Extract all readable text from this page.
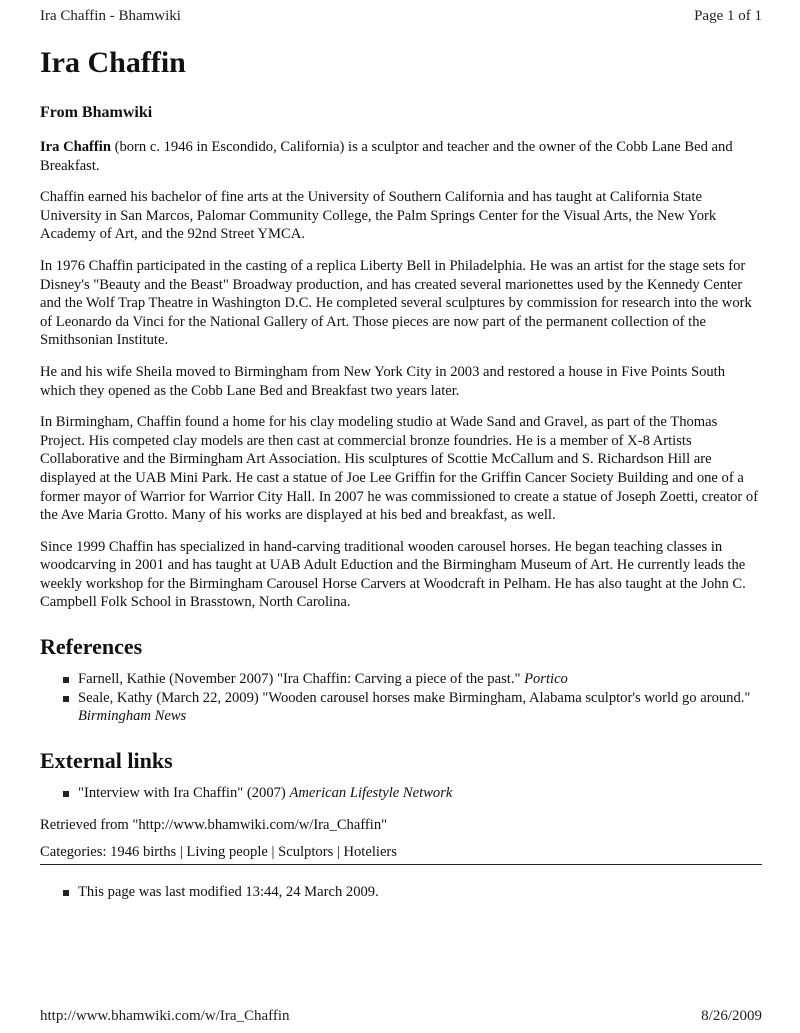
Ira Chaffin - Bhamwiki	Page 1 of 1
Ira Chaffin
From Bhamwiki

Ira Chaffin (born c. 1946 in Escondido, California) is a sculptor and teacher and the owner of the Cobb Lane Bed and Breakfast.

Chaffin earned his bachelor of fine arts at the University of Southern California and has taught at California State University in San Marcos, Palomar Community College, the Palm Springs Center for the Visual Arts, the New York Academy of Art, and the 92nd Street YMCA.

In 1976 Chaffin participated in the casting of a replica Liberty Bell in Philadelphia. He was an artist for the stage sets for Disney's "Beauty and the Beast" Broadway production, and has created several marionettes used by the Kennedy Center and the Wolf Trap Theatre in Washington D.C. He completed several sculptures by commission for research into the work of Leonardo da Vinci for the National Gallery of Art. Those pieces are now part of the permanent collection of the Smithsonian Institute.

He and his wife Sheila moved to Birmingham from New York City in 2003 and restored a house in Five Points South which they opened as the Cobb Lane Bed and Breakfast two years later.

In Birmingham, Chaffin found a home for his clay modeling studio at Wade Sand and Gravel, as part of the Thomas Project. His competed clay models are then cast at commercial bronze foundries. He is a member of X-8 Artists Collaborative and the Birmingham Art Association. His sculptures of Scottie McCallum and S. Richardson Hill are displayed at the UAB Mini Park. He cast a statue of Joe Lee Griffin for the Griffin Cancer Society Building and one of a former mayor of Warrior for Warrior City Hall. In 2007 he was commissioned to create a statue of Joseph Zoetti, creator of the Ave Maria Grotto. Many of his works are displayed at his bed and breakfast, as well.

Since 1999 Chaffin has specialized in hand-carving traditional wooden carousel horses. He began teaching classes in woodcarving in 2001 and has taught at UAB Adult Eduction and the Birmingham Museum of Art. He currently leads the weekly workshop for the Birmingham Carousel Horse Carvers at Woodcraft in Pelham. He has also taught at the John C. Campbell Folk School in Brasstown, North Carolina.

References
Farnell, Kathie (November 2007) "Ira Chaffin: Carving a piece of the past." Portico
Seale, Kathy (March 22, 2009) "Wooden carousel horses make Birmingham, Alabama sculptor's world go around." Birmingham News
External links
"Interview with Ira Chaffin" (2007) American Lifestyle Network
Retrieved from "http://www.bhamwiki.com/w/Ira_Chaffin"
Categories: 1946 births | Living people | Sculptors | Hoteliers
This page was last modified 13:44, 24 March 2009.
http://www.bhamwiki.com/w/Ira_Chaffin	8/26/2009
